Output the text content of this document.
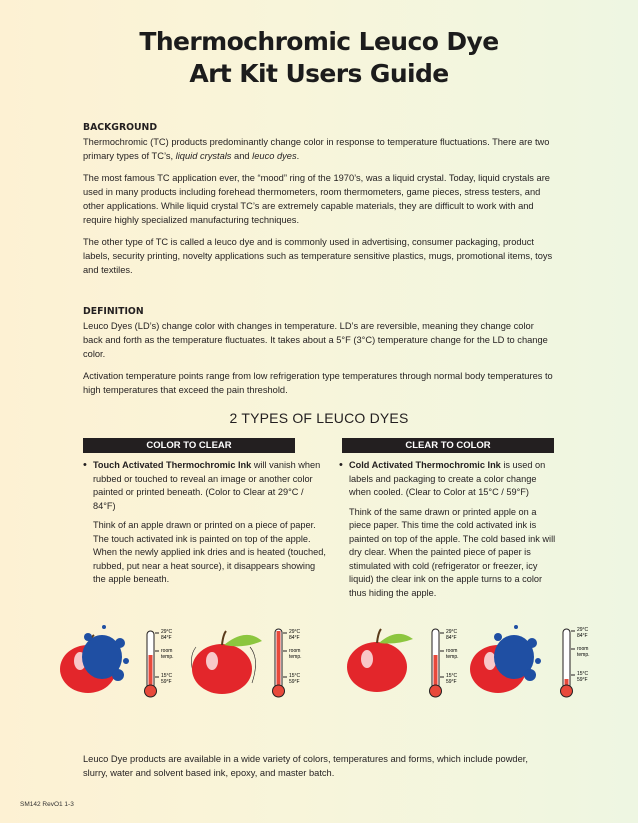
Thermochromic Leuco Dye
Art Kit Users Guide
BACKGROUND

Thermochromic (TC) products predominantly change color in response to temperature fluctuations. There are two primary types of TC’s, liquid crystals and leuco dyes.

The most famous TC application ever, the “mood” ring of the 1970’s, was a liquid crystal. Today, liquid crystals are used in many products including forehead thermometers, room thermometers, game pieces, stress testers, and other applications. While liquid crystal TC’s are extremely capable materials, they are difficult to work with and require highly specialized manufacturing techniques.

The other type of TC is called a leuco dye and is commonly used in advertising, consumer packaging, product labels, security printing, novelty applications such as temperature sensitive plastics, mugs, promotional items, toys and textiles.

DEFINITION

Leuco Dyes (LD’s) change color with changes in temperature. LD’s are reversible, meaning they change color back and forth as the temperature fluctuates. It takes about a 5°F (3°C) temperature change for the LD to change color.

Activation temperature points range from low refrigeration type temperatures through normal body temperatures to high temperatures that exceed the pain threshold.

2 TYPES OF LEUCO DYES
COLOR TO CLEAR	CLEAR TO COLOR
• Touch Activated Thermochromic Ink will vanish when rubbed or touched to reveal an image or another color painted or printed beneath. (Color to Clear at 29°C / 84°F)

Think of an apple drawn or printed on a piece of paper. The touch activated ink is painted on top of the apple. When the newly applied ink dries and is heated (touched, rubbed, put near a heat source), it disappears showing the apple beneath.

• Cold Activated Thermochromic Ink is used on labels and packaging to create a color change when cooled. (Clear to Color at 15°C / 59°F)

Think of the same drawn or printed apple on a piece paper. This time the cold activated ink is painted on top of the apple. The cold based ink will dry clear. When the painted piece of paper is stimulated with cold (refrigerator or freezer, icy liquid) the clear ink on the apple turns to a color thus hiding the apple.

29°C
84°F
room
temp.
15°C
59°F
29°C
84°F
room
temp.
15°C
59°F
29°C
84°F
room
temp.
15°C
59°F
29°C
84°F
room
temp.
15°C
59°F
Leuco Dye products are available in a wide variety of colors, temperatures and forms, which include powder, slurry, water and solvent based ink, epoxy, and master batch.
SM142 RevO1 1-3
